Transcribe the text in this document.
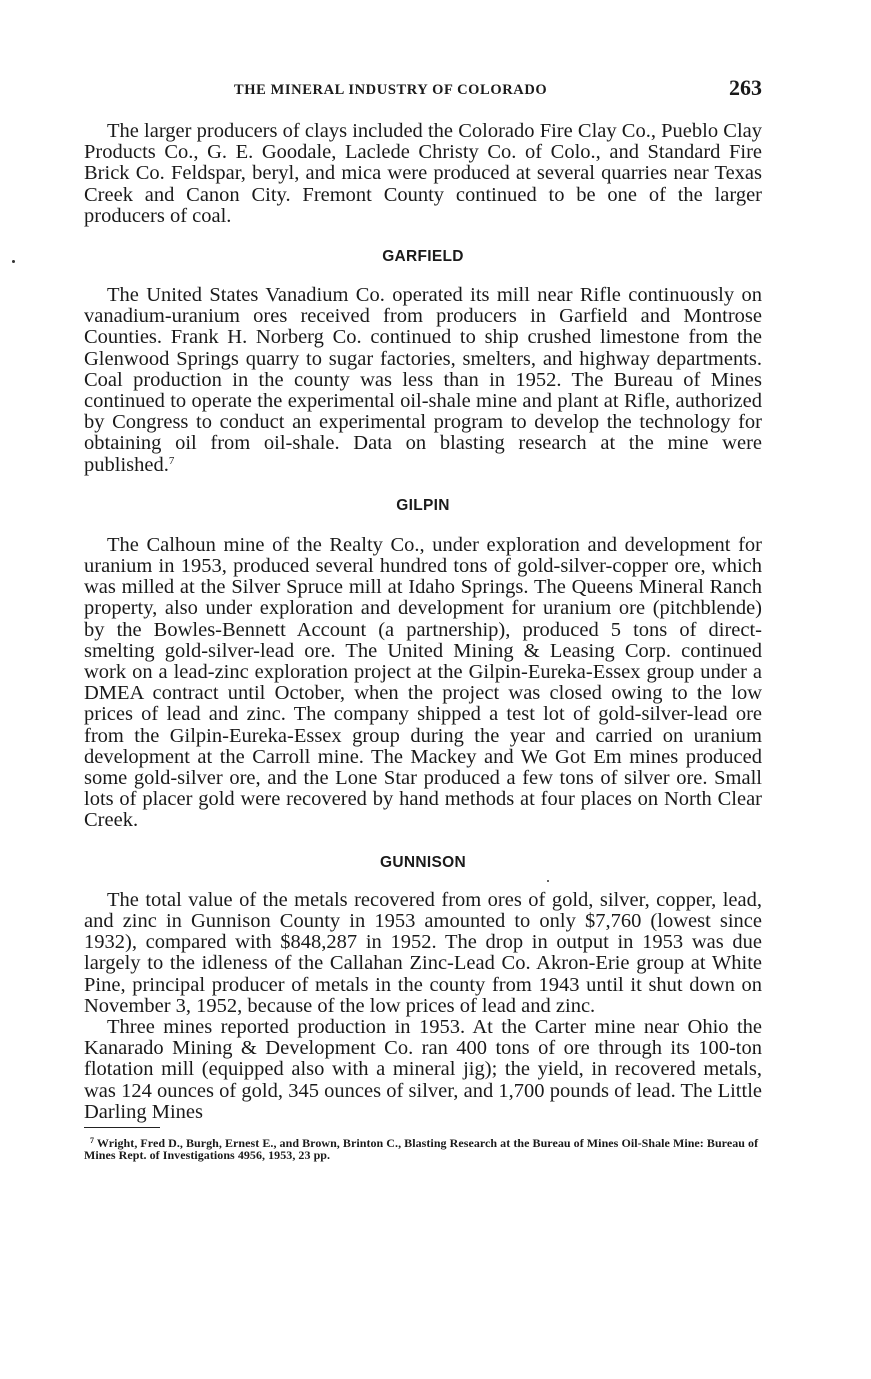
THE MINERAL INDUSTRY OF COLORADO	263

The larger producers of clays included the Colorado Fire Clay Co., Pueblo Clay Products Co., G. E. Goodale, Laclede Christy Co. of Colo., and Standard Fire Brick Co. Feldspar, beryl, and mica were produced at several quarries near Texas Creek and Canon City. Fremont County continued to be one of the larger producers of coal.

GARFIELD

The United States Vanadium Co. operated its mill near Rifle continuously on vanadium-uranium ores received from producers in Garfield and Montrose Counties. Frank H. Norberg Co. continued to ship crushed limestone from the Glenwood Springs quarry to sugar factories, smelters, and highway departments. Coal production in the county was less than in 1952. The Bureau of Mines continued to operate the experimental oil-shale mine and plant at Rifle, authorized by Congress to conduct an experimental program to develop the technology for obtaining oil from oil-shale. Data on blasting research at the mine were published.$^7$

GILPIN

The Calhoun mine of the Realty Co., under exploration and development for uranium in 1953, produced several hundred tons of gold-silver-copper ore, which was milled at the Silver Spruce mill at Idaho Springs. The Queens Mineral Ranch property, also under exploration and development for uranium ore (pitchblende) by the Bowles-Bennett Account (a partnership), produced 5 tons of direct-smelting gold-silver-lead ore. The United Mining & Leasing Corp. continued work on a lead-zinc exploration project at the Gilpin-Eureka-Essex group under a DMEA contract until October, when the project was closed owing to the low prices of lead and zinc. The company shipped a test lot of gold-silver-lead ore from the Gilpin-Eureka-Essex group during the year and carried on uranium development at the Carroll mine. The Mackey and We Got Em mines produced some gold-silver ore, and the Lone Star produced a few tons of silver ore. Small lots of placer gold were recovered by hand methods at four places on North Clear Creek.

GUNNISON

The total value of the metals recovered from ores of gold, silver, copper, lead, and zinc in Gunnison County in 1953 amounted to only $7,760 (lowest since 1932), compared with $848,287 in 1952. The drop in output in 1953 was due largely to the idleness of the Callahan Zinc-Lead Co. Akron-Erie group at White Pine, principal producer of metals in the county from 1943 until it shut down on November 3, 1952, because of the low prices of lead and zinc.

Three mines reported production in 1953. At the Carter mine near Ohio the Kanarado Mining & Development Co. ran 400 tons of ore through its 100-ton flotation mill (equipped also with a mineral jig); the yield, in recovered metals, was 124 ounces of gold, 345 ounces of silver, and 1,700 pounds of lead. The Little Darling Mines

$^7$ Wright, Fred D., Burgh, Ernest E., and Brown, Brinton C., Blasting Research at the Bureau of Mines Oil-Shale Mine: Bureau of Mines Rept. of Investigations 4956, 1953, 23 pp.
